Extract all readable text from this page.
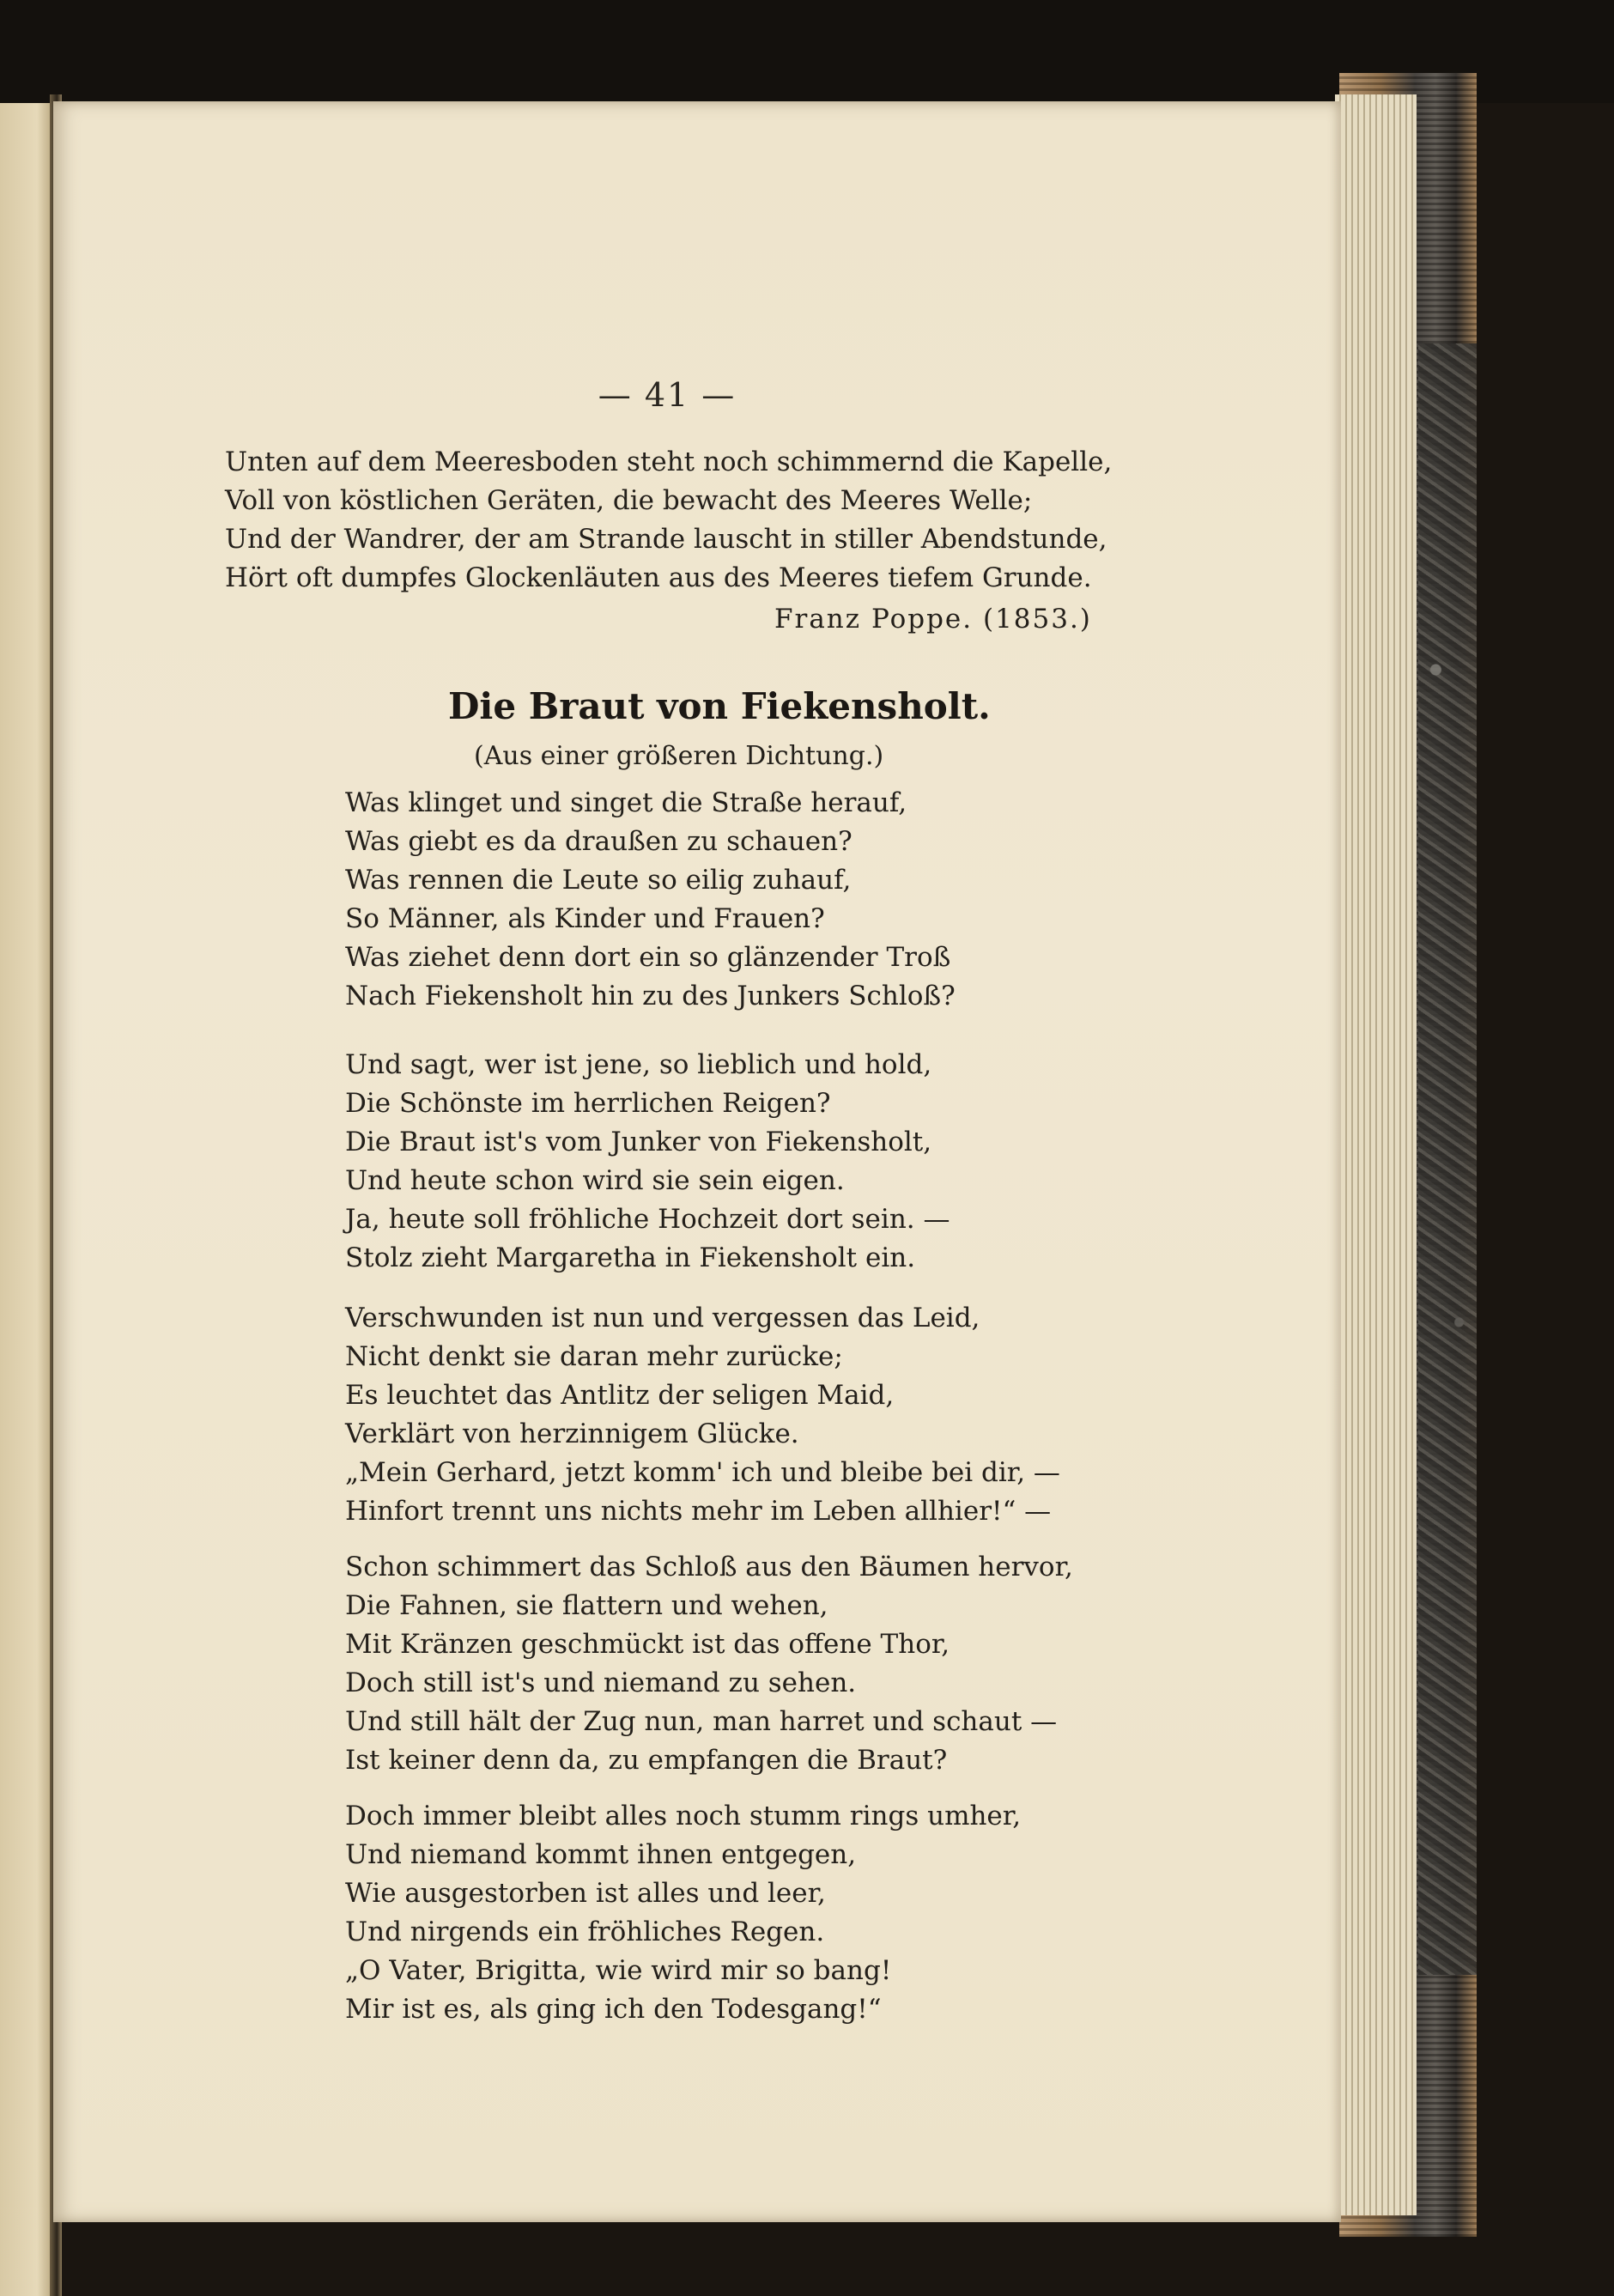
— 41 —
Unten auf dem Meeresboden steht noch schimmernd die Kapelle,
Voll von köstlichen Geräten, die bewacht des Meeres Welle;
Und der Wandrer, der am Strande lauscht in stiller Abendstunde,
Hört oft dumpfes Glockenläuten aus des Meeres tiefem Grunde.
Franz Poppe. (1853.)
Die Braut von Fiekensholt.
(Aus einer größeren Dichtung.)
Was klinget und singet die Straße herauf,
Was giebt es da draußen zu schauen?
Was rennen die Leute so eilig zuhauf,
So Männer, als Kinder und Frauen?
Was ziehet denn dort ein so glänzender Troß
Nach Fiekensholt hin zu des Junkers Schloß?
Und sagt, wer ist jene, so lieblich und hold,
Die Schönste im herrlichen Reigen?
Die Braut ist's vom Junker von Fiekensholt,
Und heute schon wird sie sein eigen.
Ja, heute soll fröhliche Hochzeit dort sein. —
Stolz zieht Margaretha in Fiekensholt ein.
Verschwunden ist nun und vergessen das Leid,
Nicht denkt sie daran mehr zurücke;
Es leuchtet das Antlitz der seligen Maid,
Verklärt von herzinnigem Glücke.
„Mein Gerhard, jetzt komm' ich und bleibe bei dir, —
Hinfort trennt uns nichts mehr im Leben allhier!“ —
Schon schimmert das Schloß aus den Bäumen hervor,
Die Fahnen, sie flattern und wehen,
Mit Kränzen geschmückt ist das offene Thor,
Doch still ist's und niemand zu sehen.
Und still hält der Zug nun, man harret und schaut —
Ist keiner denn da, zu empfangen die Braut?
Doch immer bleibt alles noch stumm rings umher,
Und niemand kommt ihnen entgegen,
Wie ausgestorben ist alles und leer,
Und nirgends ein fröhliches Regen.
„O Vater, Brigitta, wie wird mir so bang!
Mir ist es, als ging ich den Todesgang!“
